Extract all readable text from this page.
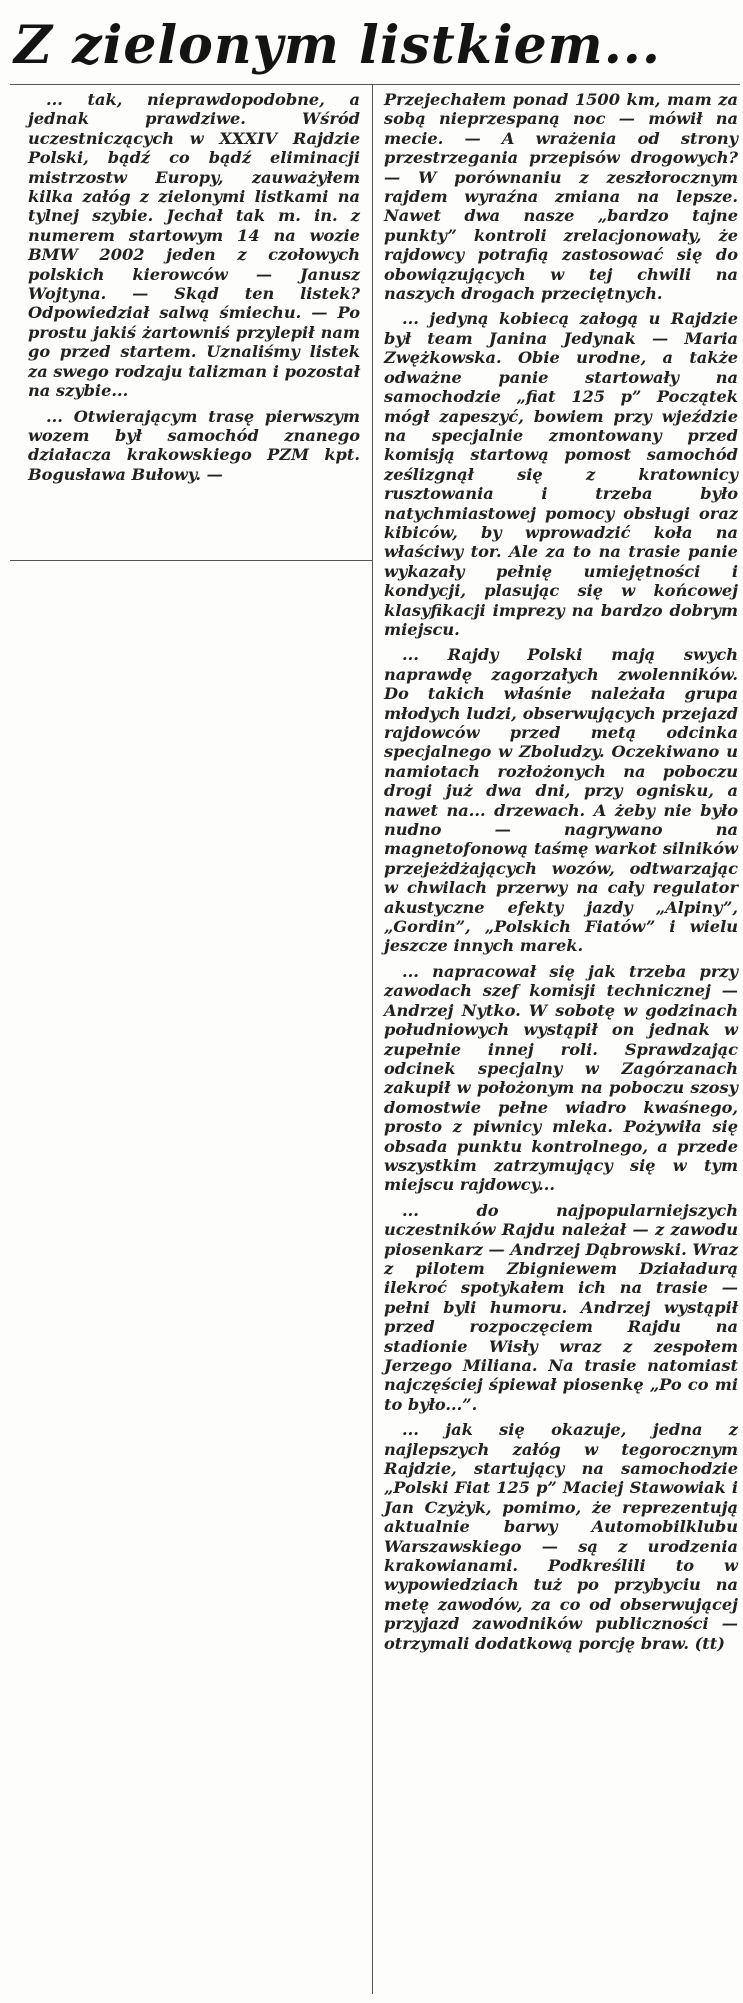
Z zielonym listkiem...

... tak, nieprawdopodobne, a jednak prawdziwe. Wśród uczestniczących w XXXIV Rajdzie Polski, bądź co bądź eliminacji mistrzostw Europy, zauważyłem kilka załóg z zielonymi listkami na tylnej szybie. Jechał tak m. in. z numerem startowym 14 na wozie BMW 2002 jeden z czołowych polskich kierowców — Janusz Wojtyna. — Skąd ten listek? Odpowiedział salwą śmiechu. — Po prostu jakiś żartowniś przylepił nam go przed startem. Uznaliśmy listek za swego rodzaju talizman i pozostał na szybie...

... Otwierającym trasę pierwszym wozem był samochód znanego działacza krakowskiego PZM kpt. Bogusława Bułowy. —

Przejechałem ponad 1500 km, mam za sobą nieprzespaną noc — mówił na mecie. — A wrażenia od strony przestrzegania przepisów drogowych? — W porównaniu z zeszłorocznym rajdem wyraźna zmiana na lepsze. Nawet dwa nasze „bardzo tajne punkty” kontroli zrelacjonowały, że rajdowcy potrafią zastosować się do obowiązujących w tej chwili na naszych drogach przeciętnych.

... jedyną kobiecą załogą u Rajdzie był team Janina Jedynak — Maria Zwężkowska. Obie urodne, a także odważne panie startowały na samochodzie „fiat 125 p” Początek mógł zapeszyć, bowiem przy wjeździe na specjalnie zmontowany przed komisją startową pomost samochód ześlizgnął się z kratownicy rusztowania i trzeba było natychmiastowej pomocy obsługi oraz kibiców, by wprowadzić koła na właściwy tor. Ale za to na trasie panie wykazały pełnię umiejętności i kondycji, plasując się w końcowej klasyfikacji imprezy na bardzo dobrym miejscu.

... Rajdy Polski mają swych naprawdę zagorzałych zwolenników. Do takich właśnie należała grupa młodych ludzi, obserwujących przejazd rajdowców przed metą odcinka specjalnego w Zboludzy. Oczekiwano u namiotach rozłożonych na poboczu drogi już dwa dni, przy ognisku, a nawet na... drzewach. A żeby nie było nudno — nagrywano na magnetofonową taśmę warkot silników przejeżdżających wozów, odtwarzając w chwilach przerwy na cały regulator akustyczne efekty jazdy „Alpiny”, „Gordin”, „Polskich Fiatów” i wielu jeszcze innych marek.

... napracował się jak trzeba przy zawodach szef komisji technicznej — Andrzej Nytko. W sobotę w godzinach południowych wystąpił on jednak w zupełnie innej roli. Sprawdzając odcinek specjalny w Zagórzanach zakupił w położonym na poboczu szosy domostwie pełne wiadro kwaśnego, prosto z piwnicy mleka. Pożywiła się obsada punktu kontrolnego, a przede wszystkim zatrzymujący się w tym miejscu rajdowcy...

... do najpopularniejszych uczestników Rajdu należał — z zawodu piosenkarz — Andrzej Dąbrowski. Wraz z pilotem Zbigniewem Działadurą ilekroć spotykałem ich na trasie — pełni byli humoru. Andrzej wystąpił przed rozpoczęciem Rajdu na stadionie Wisły wraz z zespołem Jerzego Miliana. Na trasie natomiast najczęściej śpiewał piosenkę „Po co mi to było...”.

... jak się okazuje, jedna z najlepszych załóg w tegorocznym Rajdzie, startujący na samochodzie „Polski Fiat 125 p” Maciej Stawowiak i Jan Czyżyk, pomimo, że reprezentują aktualnie barwy Automobilklubu Warszawskiego — są z urodzenia krakowianami. Podkreślili to w wypowiedziach tuż po przybyciu na metę zawodów, za co od obserwującej przyjazd zawodników publiczności — otrzymali dodatkową porcję braw. (tt)
